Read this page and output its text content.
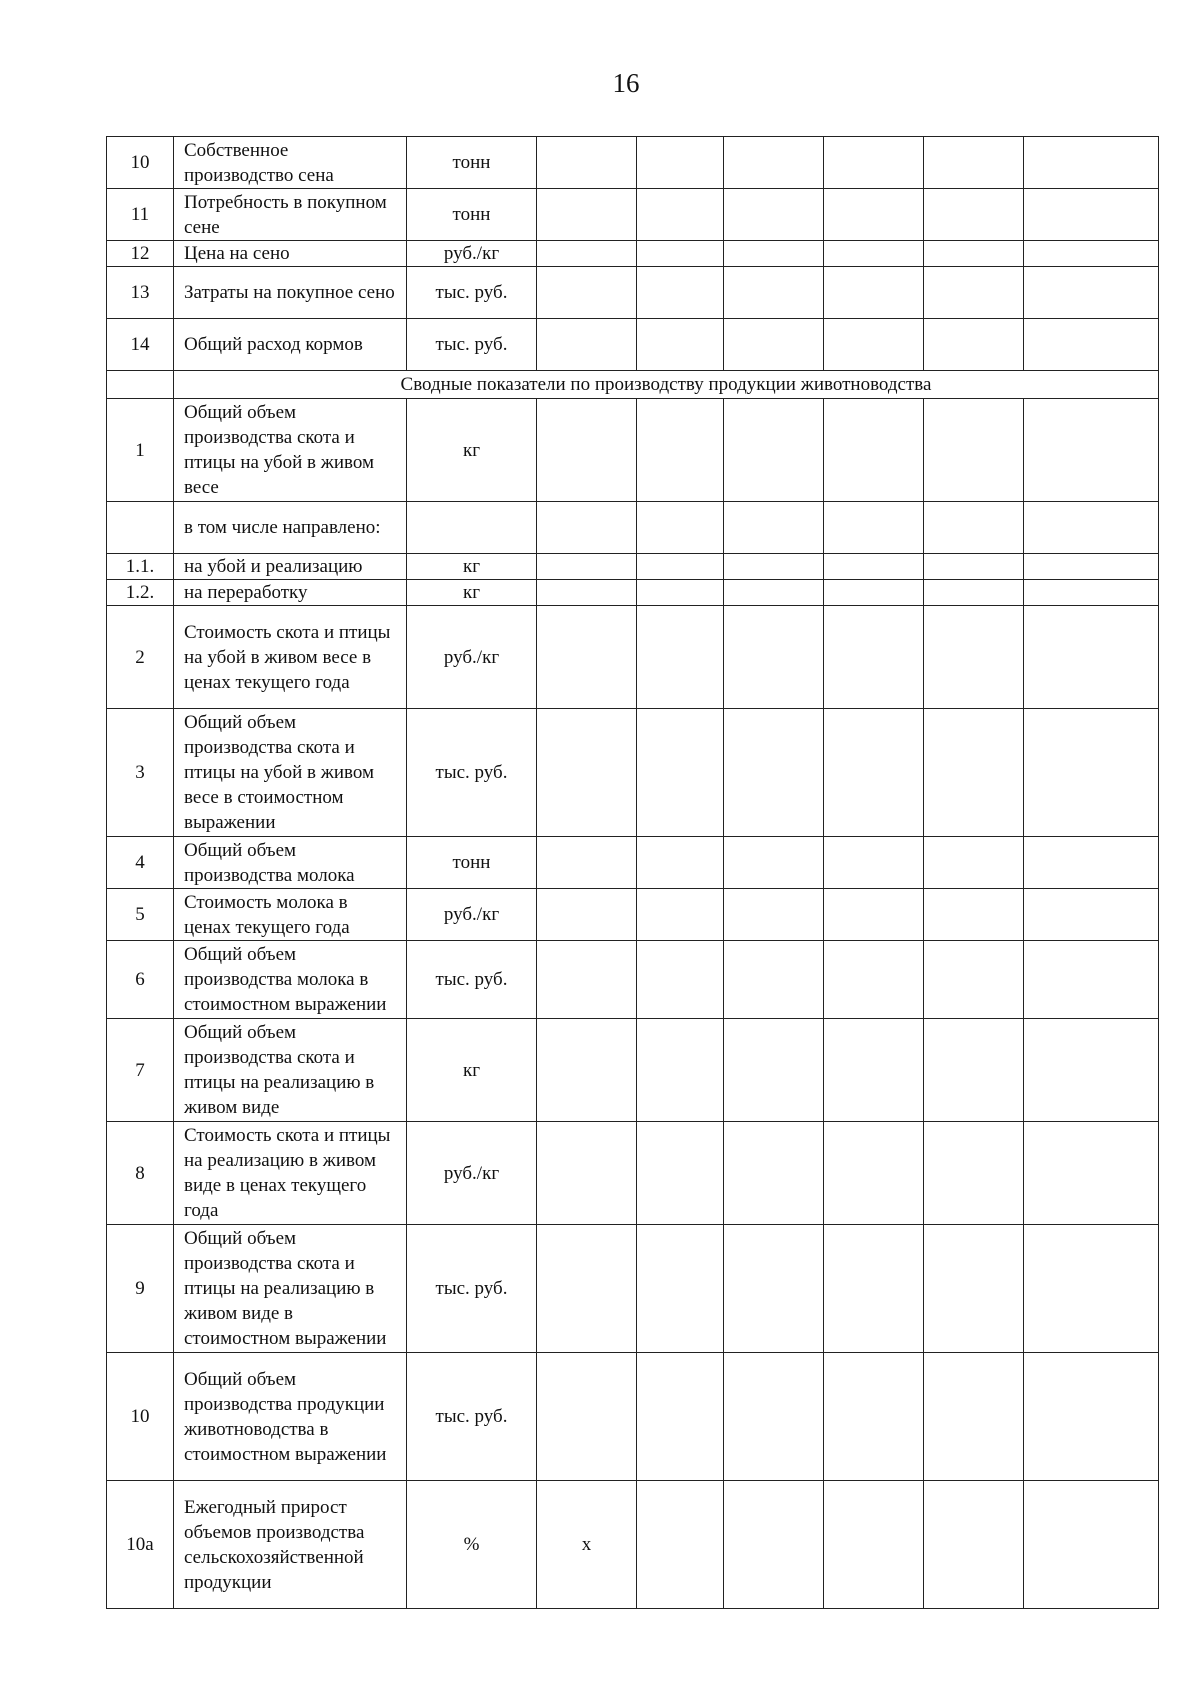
16
10	Собственное производство сена	тонн						
11	Потребность в покупном сене	тонн						
12	Цена на сено	руб./кг						
13	Затраты на покупное сено	тыс. руб.						
14	Общий расход кормов	тыс. руб.						
	Сводные показатели по производству продукции животноводства							
1	Общий объем производства скота и птицы на убой в живом весе	кг						
	в том числе направлено:							
1.1.	на убой и реализацию	кг						
1.2.	на переработку	кг						
2	Стоимость скота и птицы на убой в живом весе в ценах текущего года	руб./кг						
3	Общий объем производства скота и птицы на убой в живом весе в стоимостном выражении	тыс. руб.						
4	Общий объем производства молока	тонн						
5	Стоимость молока в ценах текущего года	руб./кг						
6	Общий объем производства молока в стоимостном выражении	тыс. руб.						
7	Общий объем производства скота и птицы на реализацию в живом виде	кг						
8	Стоимость скота и птицы на реализацию в живом виде в ценах текущего года	руб./кг						
9	Общий объем производства скота и птицы на реализацию в живом виде в стоимостном выражении	тыс. руб.						
10	Общий объем производства продукции животноводства в стоимостном выражении	тыс. руб.						
10а	Ежегодный прирост объемов производства сельскохозяйственной продукции	%	х					
